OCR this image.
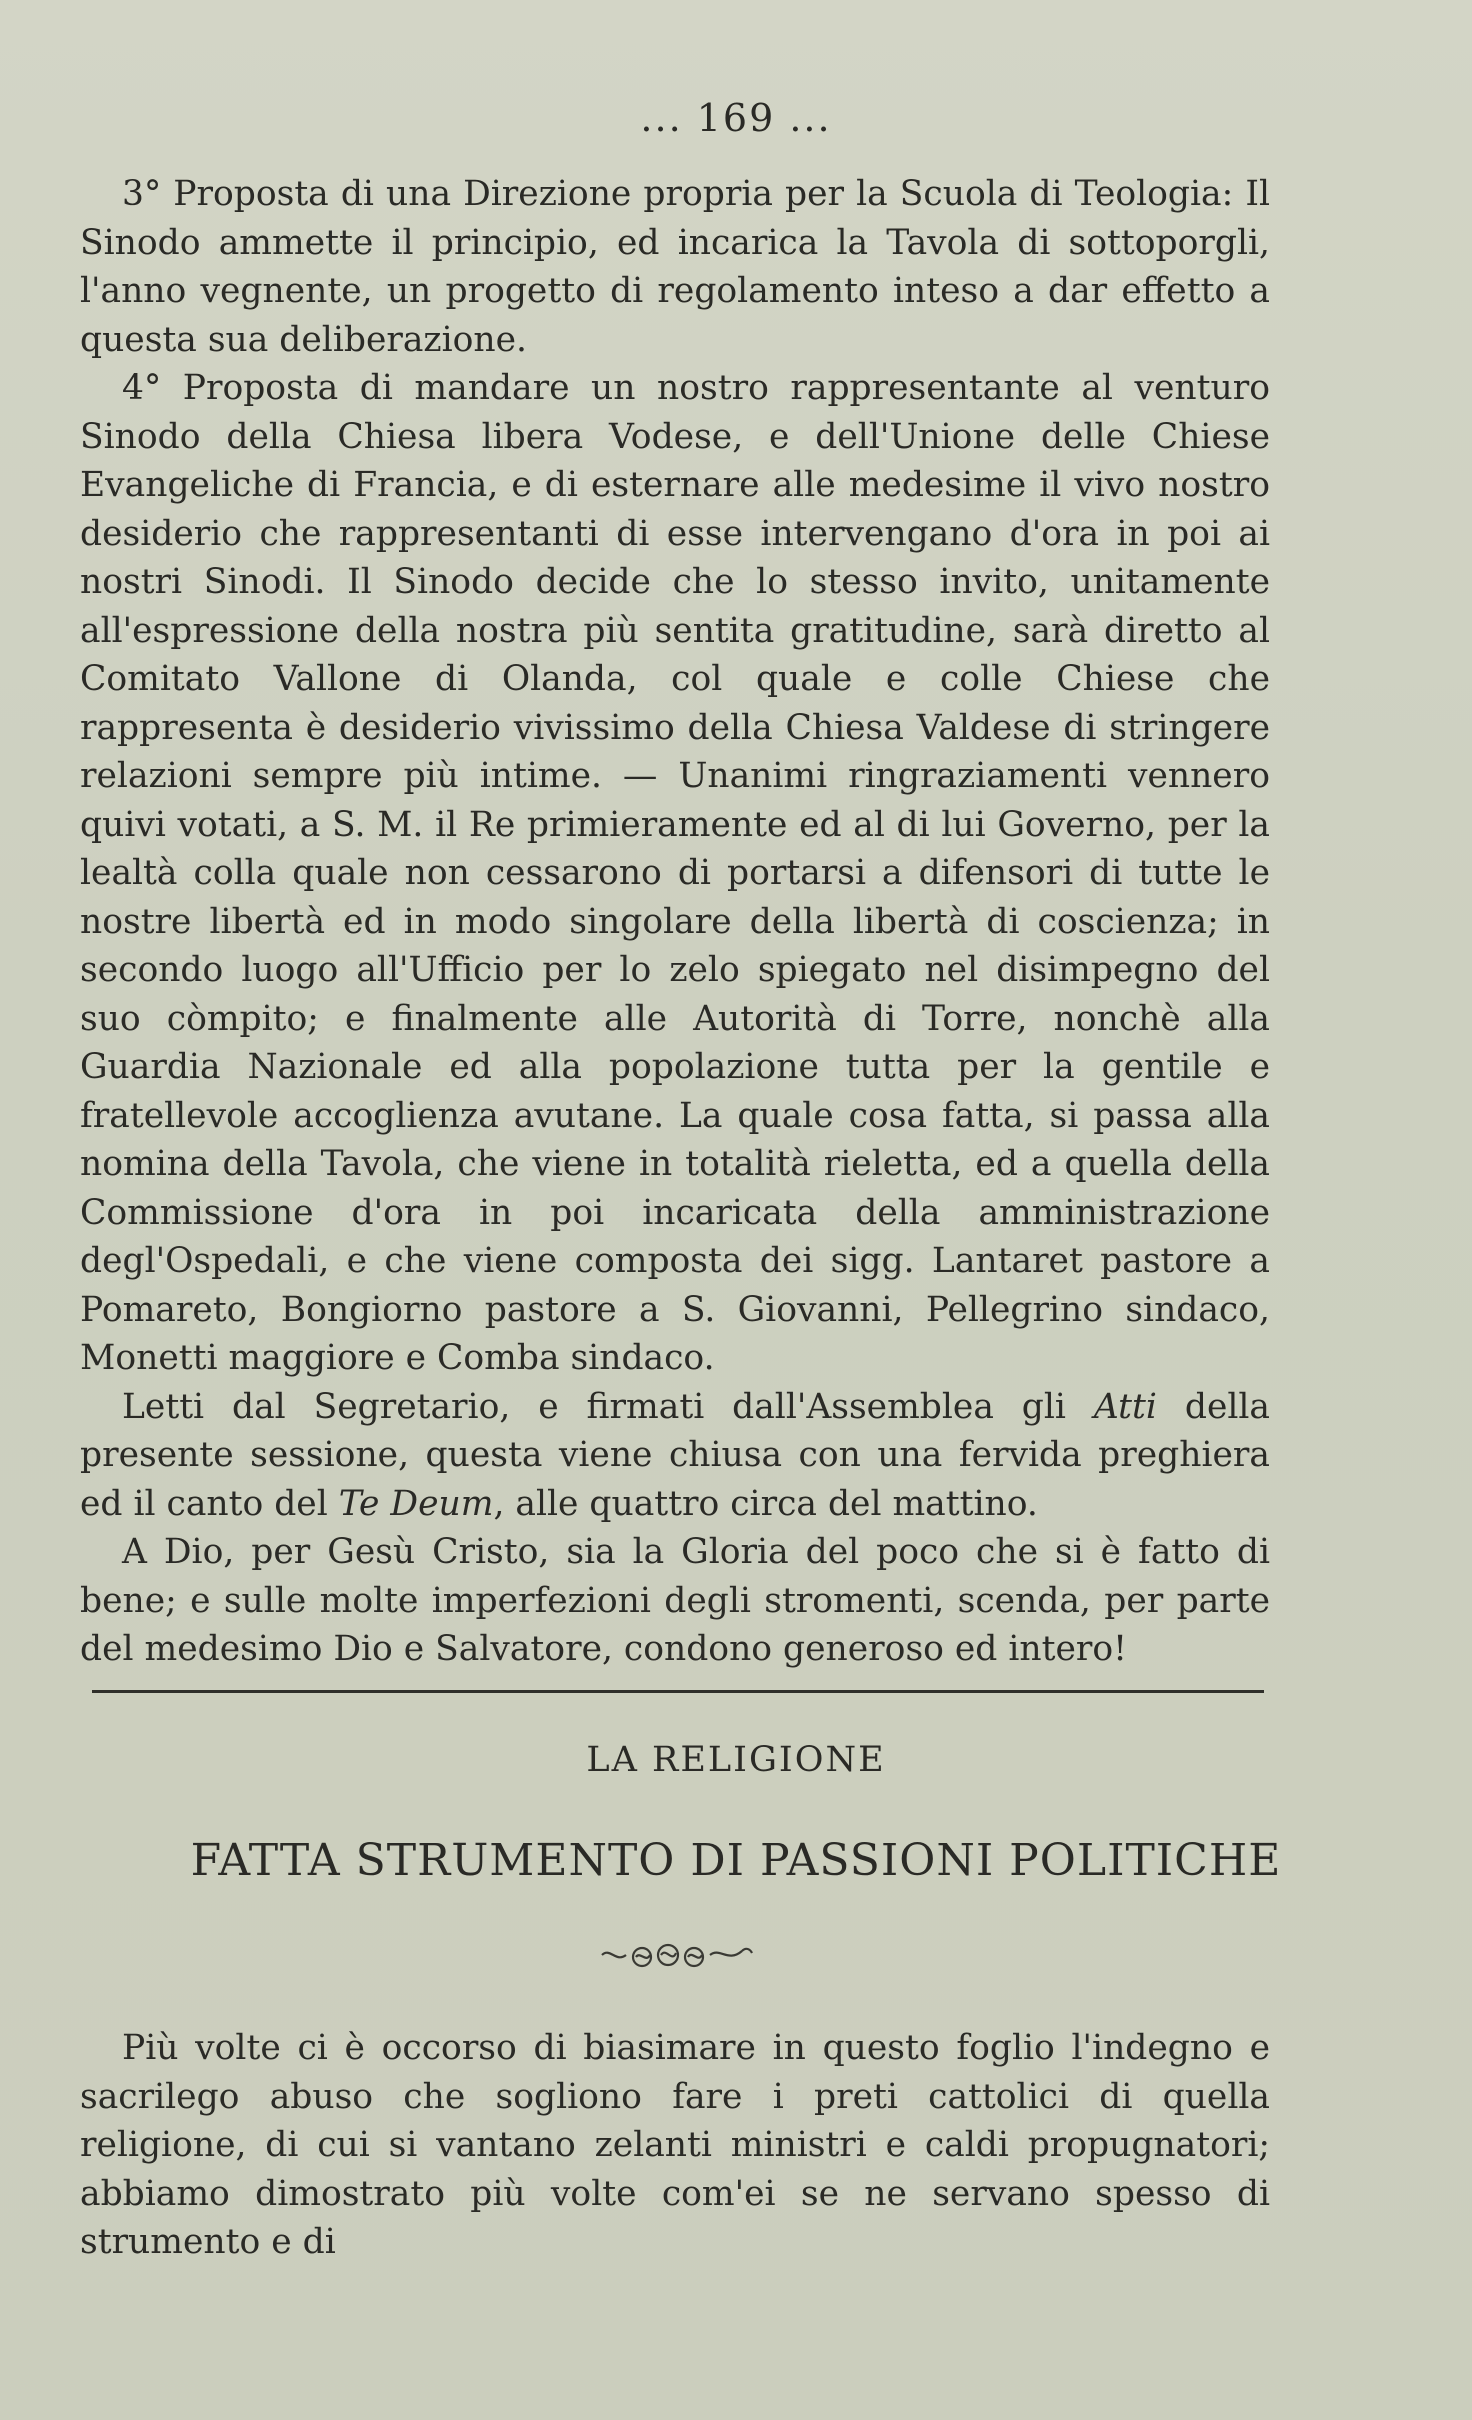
... 169 ...

3° Proposta di una Direzione propria per la Scuola di Teologia: Il Sinodo ammette il principio, ed incarica la Tavola di sottoporgli, l'anno vegnente, un progetto di regolamento inteso a dar effetto a questa sua deliberazione.

4° Proposta di mandare un nostro rappresentante al venturo Sinodo della Chiesa libera Vodese, e dell'Unione delle Chiese Evangeliche di Francia, e di esternare alle medesime il vivo nostro desiderio che rappresentanti di esse intervengano d'ora in poi ai nostri Sinodi. Il Sinodo decide che lo stesso invito, unitamente all'espressione della nostra più sentita gratitudine, sarà diretto al Comitato Vallone di Olanda, col quale e colle Chiese che rappresenta è desiderio vivissimo della Chiesa Valdese di stringere relazioni sempre più intime. — Unanimi ringraziamenti vennero quivi votati, a S. M. il Re primieramente ed al di lui Governo, per la lealtà colla quale non cessarono di portarsi a difensori di tutte le nostre libertà ed in modo singolare della libertà di coscienza; in secondo luogo all'Ufficio per lo zelo spiegato nel disimpegno del suo còmpito; e finalmente alle Autorità di Torre, nonchè alla Guardia Nazionale ed alla popolazione tutta per la gentile e fratellevole accoglienza avutane. La quale cosa fatta, si passa alla nomina della Tavola, che viene in totalità rieletta, ed a quella della Commissione d'ora in poi incaricata della amministrazione degl'Ospedali, e che viene composta dei sigg. Lantaret pastore a Pomareto, Bongiorno pastore a S. Giovanni, Pellegrino sindaco, Monetti maggiore e Comba sindaco.

Letti dal Segretario, e firmati dall'Assemblea gli Atti della presente sessione, questa viene chiusa con una fervida preghiera ed il canto del Te Deum, alle quattro circa del mattino.

A Dio, per Gesù Cristo, sia la Gloria del poco che si è fatto di bene; e sulle molte imperfezioni degli stromenti, scenda, per parte del medesimo Dio e Salvatore, condono generoso ed intero!

LA RELIGIONE
FATTA STRUMENTO DI PASSIONI POLITICHE

Più volte ci è occorso di biasimare in questo foglio l'indegno e sacrilego abuso che sogliono fare i preti cattolici di quella religione, di cui si vantano zelanti ministri e caldi propugnatori; abbiamo dimostrato più volte com'ei se ne servano spesso di strumento e di
